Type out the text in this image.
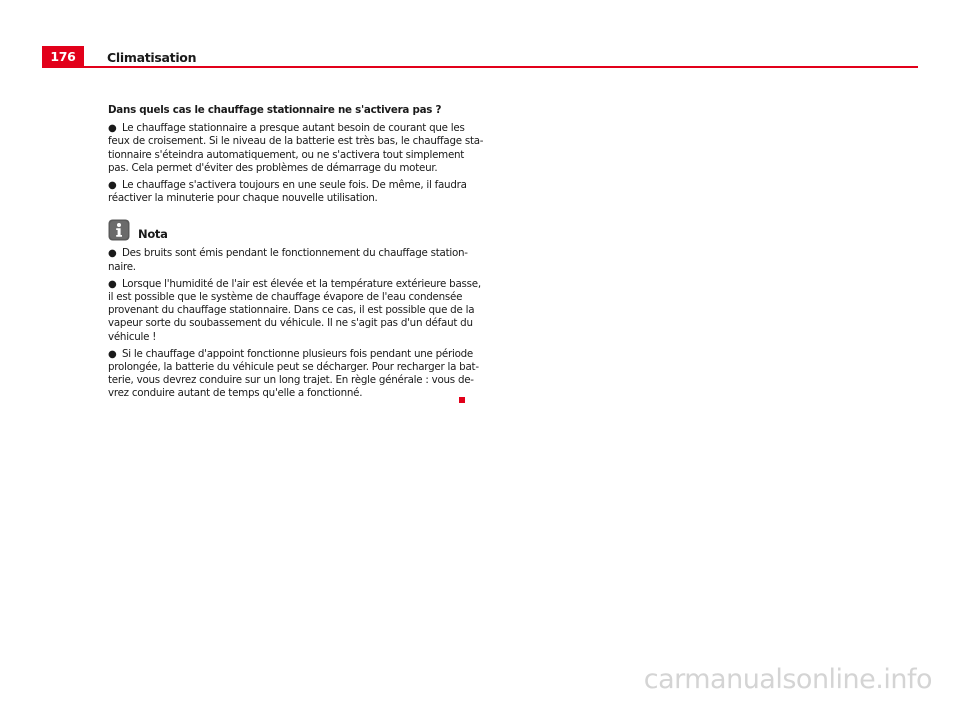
176	Climatisation

Dans quels cas le chauffage stationnaire ne s'activera pas ?

● Le chauffage stationnaire a presque autant besoin de courant que les
feux de croisement. Si le niveau de la batterie est très bas, le chauffage sta-
tionnaire s'éteindra automatiquement, ou ne s'activera tout simplement
pas. Cela permet d'éviter des problèmes de démarrage du moteur.
● Le chauffage s'activera toujours en une seule fois. De même, il faudra
réactiver la minuterie pour chaque nouvelle utilisation.
Nota
● Des bruits sont émis pendant le fonctionnement du chauffage station-
naire.
● Lorsque l'humidité de l'air est élevée et la température extérieure basse,
il est possible que le système de chauffage évapore de l'eau condensée
provenant du chauffage stationnaire. Dans ce cas, il est possible que de la
vapeur sorte du soubassement du véhicule. Il ne s'agit pas d'un défaut du
véhicule !
● Si le chauffage d'appoint fonctionne plusieurs fois pendant une période
prolongée, la batterie du véhicule peut se décharger. Pour recharger la bat-
terie, vous devrez conduire sur un long trajet. En règle générale : vous de-
vrez conduire autant de temps qu'elle a fonctionné.
carmanualsonline.info
